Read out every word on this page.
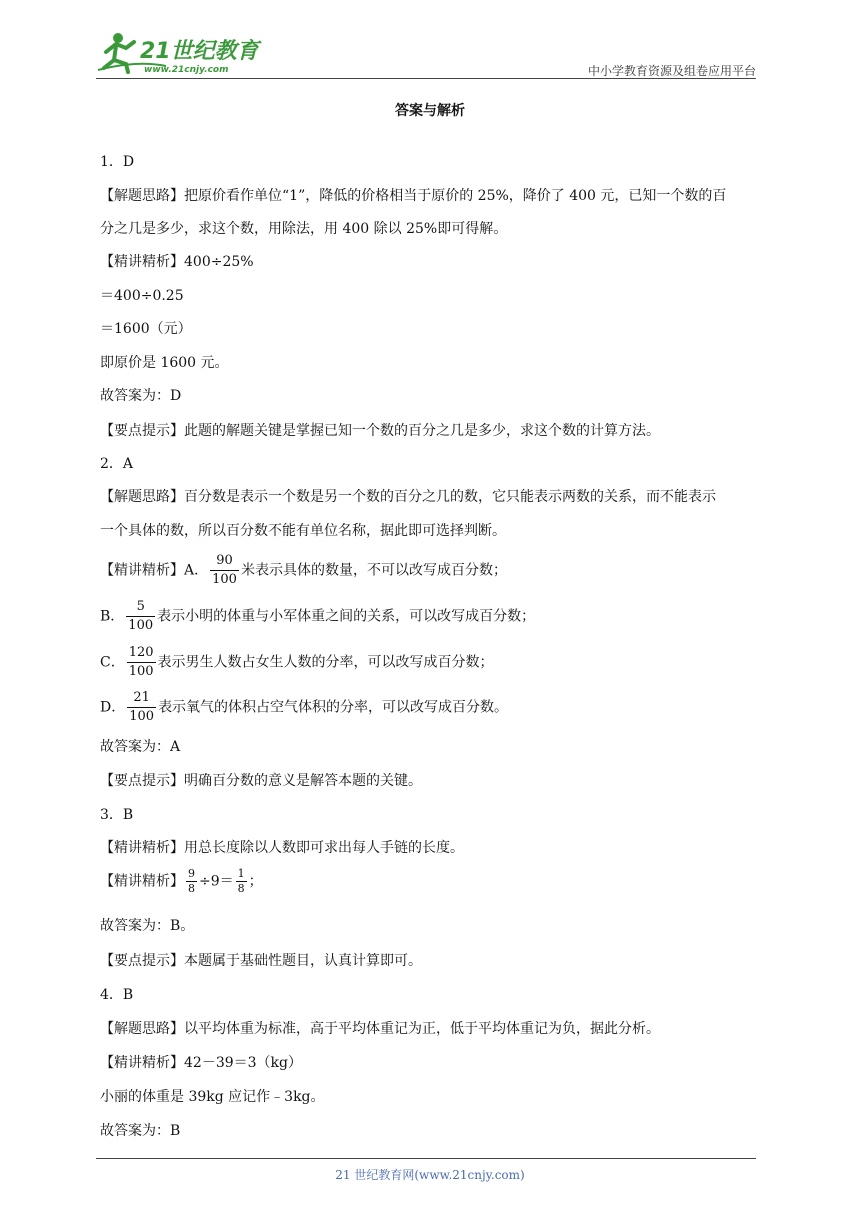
21世纪教育
www.21cnjy.com	中小学教育资源及组卷应用平台
答案与解析
1．D
【解题思路】把原价看作单位“1”，降低的价格相当于原价的 25%，降价了 400 元，已知一个数的百
分之几是多少，求这个数，用除法，用 400 除以 25%即可得解。
【精讲精析】400÷25%
＝400÷0.25
＝1600（元）
即原价是 1600 元。
故答案为：D
【要点提示】此题的解题关键是掌握已知一个数的百分之几是多少，求这个数的计算方法。
2．A
【解题思路】百分数是表示一个数是另一个数的百分之几的数，它只能表示两数的关系，而不能表示
一个具体的数，所以百分数不能有单位名称，据此即可选择判断。
【精讲精析】A． $\frac{90}{100}$ 米表示具体的数量，不可以改写成百分数；
B． $\frac{5}{100}$ 表示小明的体重与小军体重之间的关系，可以改写成百分数；
C． $\frac{120}{100}$ 表示男生人数占女生人数的分率，可以改写成百分数；
D． $\frac{21}{100}$ 表示氧气的体积占空气体积的分率，可以改写成百分数。
故答案为：A
【要点提示】明确百分数的意义是解答本题的关键。
3．B
【精讲精析】用总长度除以人数即可求出每人手链的长度。
【精讲精析】 $\frac{9}{8} \div 9= \frac{1}{8}$ ；
故答案为：B。
【要点提示】本题属于基础性题目，认真计算即可。
4．B
【解题思路】以平均体重为标准，高于平均体重记为正，低于平均体重记为负，据此分析。
【精讲精析】42－39＝3（kg）
小丽的体重是 39kg 应记作﹣3kg。
故答案为：B
21 世纪教育网(www.21cnjy.com)
